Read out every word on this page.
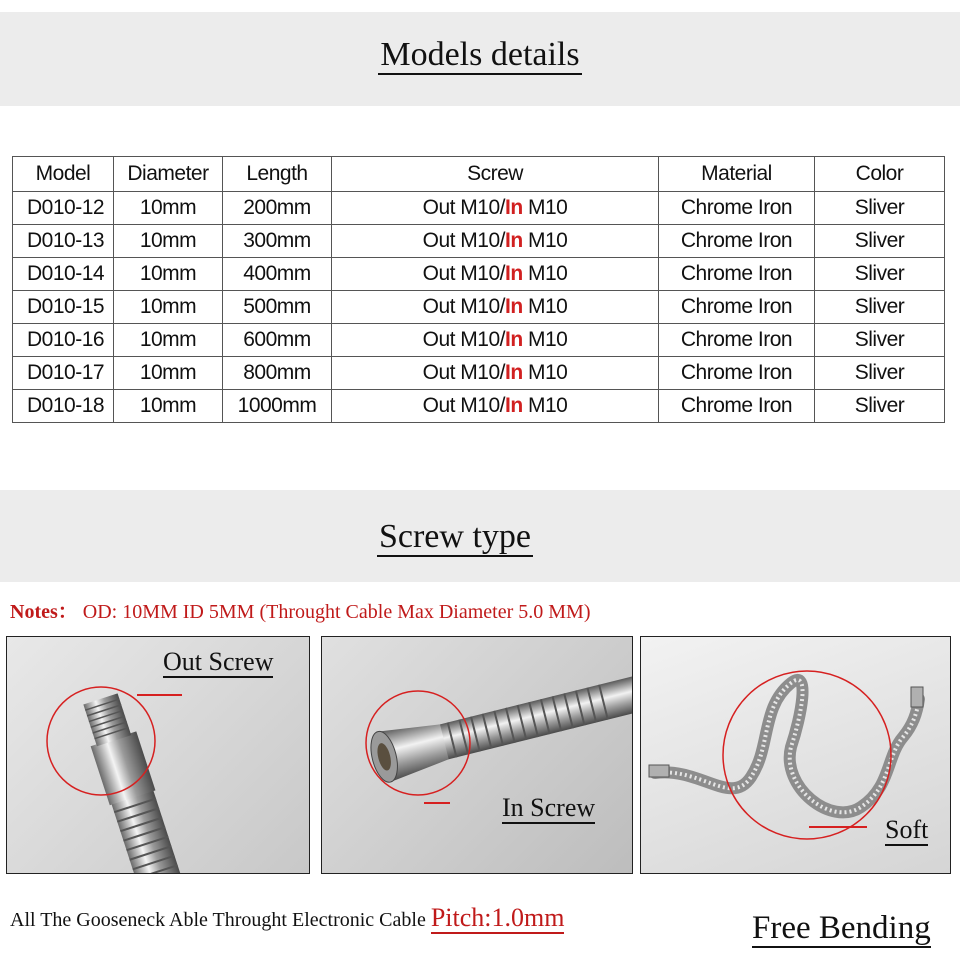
Models details
Model	Diameter	Length	Screw	Material	Color
D010-12	10mm	200mm	Out M10/In M10	Chrome Iron	Sliver
D010-13	10mm	300mm	Out M10/In M10	Chrome Iron	Sliver
D010-14	10mm	400mm	Out M10/In M10	Chrome Iron	Sliver
D010-15	10mm	500mm	Out M10/In M10	Chrome Iron	Sliver
D010-16	10mm	600mm	Out M10/In M10	Chrome Iron	Sliver
D010-17	10mm	800mm	Out M10/In M10	Chrome Iron	Sliver
D010-18	10mm	1000mm	Out M10/In M10	Chrome Iron	Sliver
Screw type
Notes： OD: 10MM ID 5MM (Throught Cable Max Diameter 5.0 MM)
Out Screw
In Screw
Soft
All The Gooseneck Able Throught Electronic Cable Pitch:1.0mm	Free Bending
